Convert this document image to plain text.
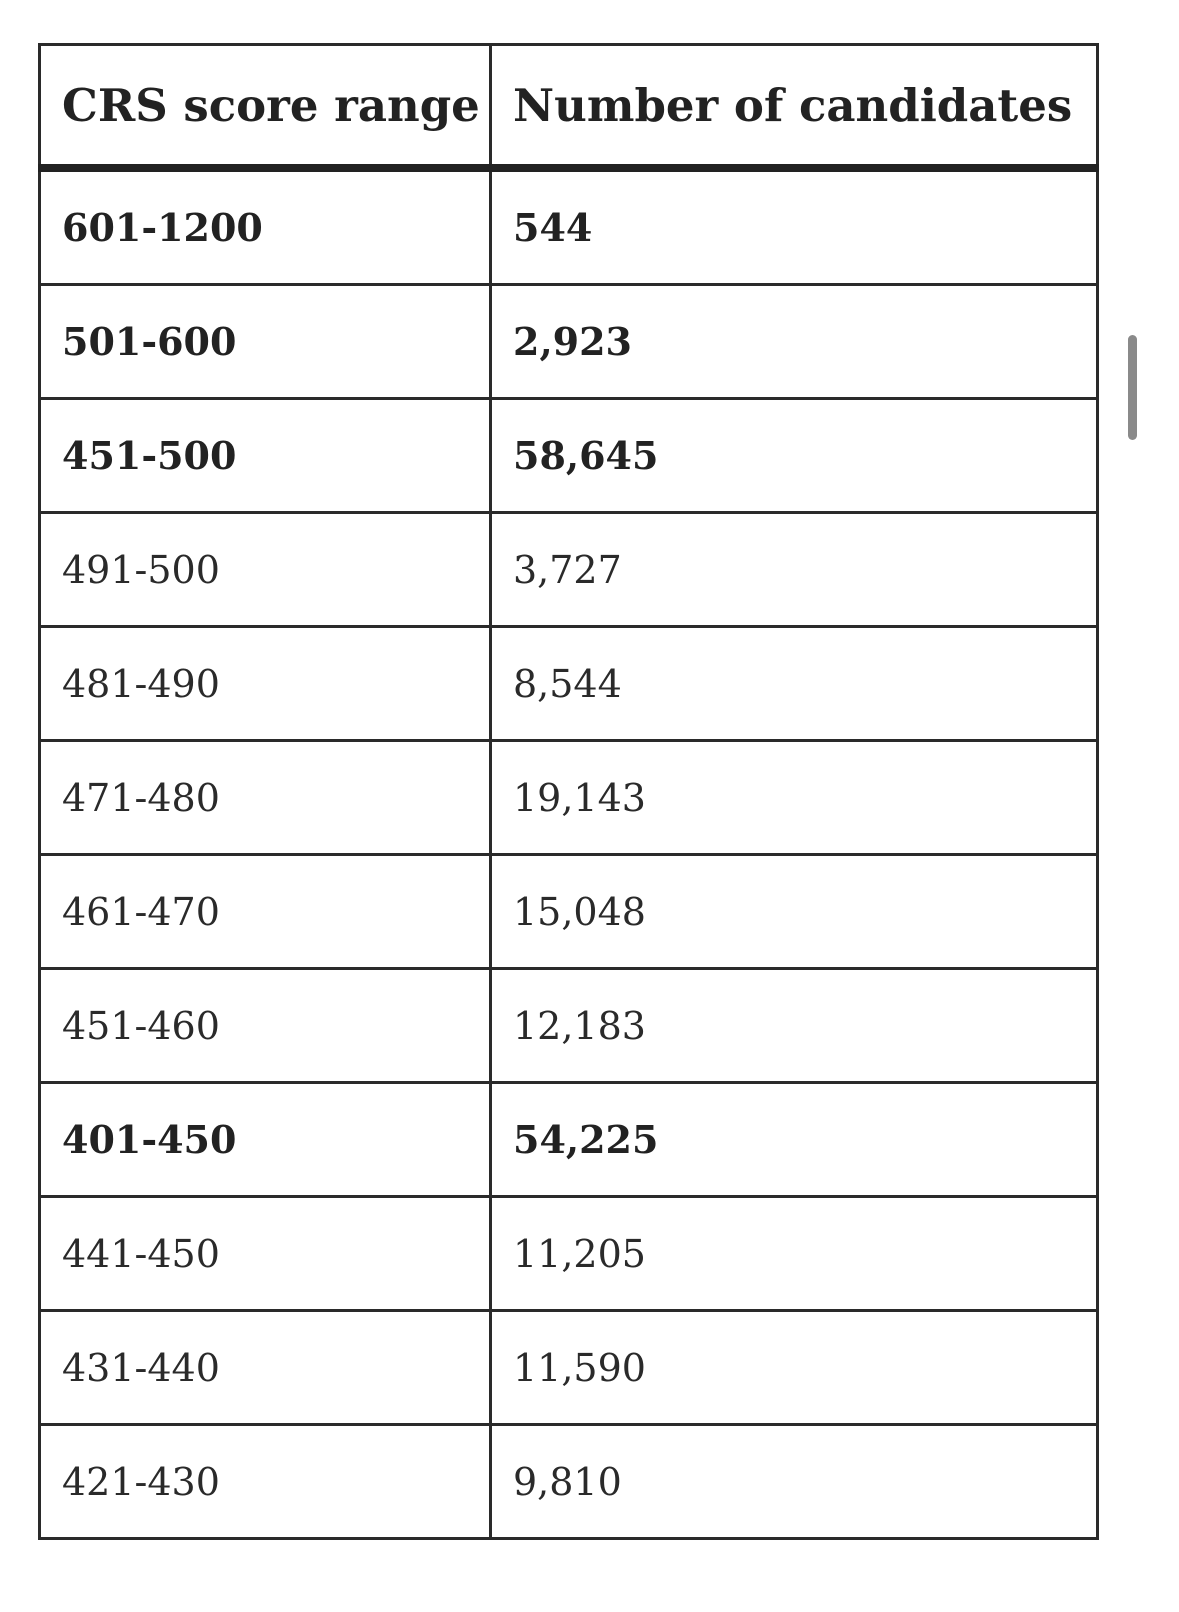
CRS score range	Number of candidates
601-1200	544
501-600	2,923
451-500	58,645
491-500	3,727
481-490	8,544
471-480	19,143
461-470	15,048
451-460	12,183
401-450	54,225
441-450	11,205
431-440	11,590
421-430	9,810
